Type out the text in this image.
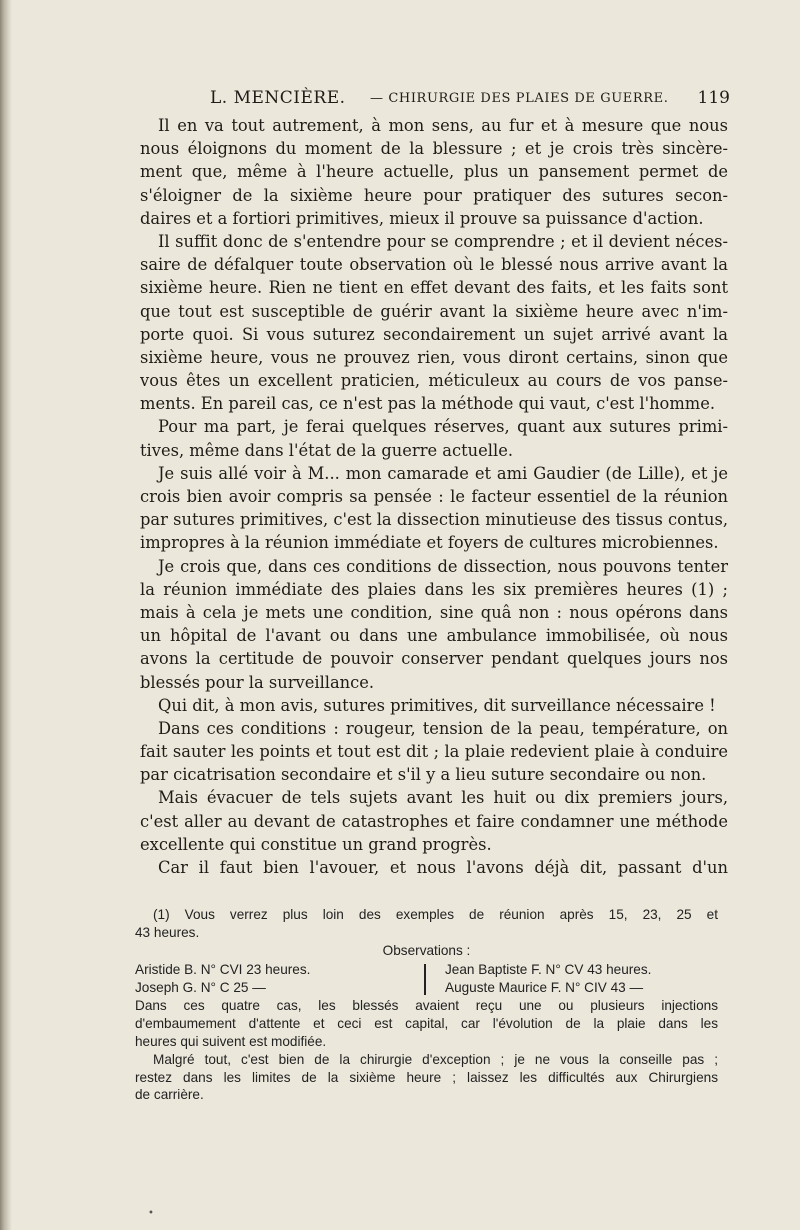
L. MENCIÈRE. — CHIRURGIE DES PLAIES DE GUERRE. 119
Il en va tout autrement, à mon sens, au fur et à mesure que nous
nous éloignons du moment de la blessure ; et je crois très sincère-
ment que, même à l'heure actuelle, plus un pansement permet de
s'éloigner de la sixième heure pour pratiquer des sutures secon-
daires et a fortiori primitives, mieux il prouve sa puissance d'action.
Il suffit donc de s'entendre pour se comprendre ; et il devient néces-
saire de défalquer toute observation où le blessé nous arrive avant la
sixième heure. Rien ne tient en effet devant des faits, et les faits sont
que tout est susceptible de guérir avant la sixième heure avec n'im-
porte quoi. Si vous suturez secondairement un sujet arrivé avant la
sixième heure, vous ne prouvez rien, vous diront certains, sinon que
vous êtes un excellent praticien, méticuleux au cours de vos panse-
ments. En pareil cas, ce n'est pas la méthode qui vaut, c'est l'homme.
Pour ma part, je ferai quelques réserves, quant aux sutures primi-
tives, même dans l'état de la guerre actuelle.
Je suis allé voir à M... mon camarade et ami Gaudier (de Lille), et je
crois bien avoir compris sa pensée : le facteur essentiel de la réunion
par sutures primitives, c'est la dissection minutieuse des tissus contus,
impropres à la réunion immédiate et foyers de cultures microbiennes.
Je crois que, dans ces conditions de dissection, nous pouvons tenter
la réunion immédiate des plaies dans les six premières heures (1) ;
mais à cela je mets une condition, sine quâ non : nous opérons dans
un hôpital de l'avant ou dans une ambulance immobilisée, où nous
avons la certitude de pouvoir conserver pendant quelques jours nos
blessés pour la surveillance.
Qui dit, à mon avis, sutures primitives, dit surveillance nécessaire !
Dans ces conditions : rougeur, tension de la peau, température, on
fait sauter les points et tout est dit ; la plaie redevient plaie à conduire
par cicatrisation secondaire et s'il y a lieu suture secondaire ou non.
Mais évacuer de tels sujets avant les huit ou dix premiers jours,
c'est aller au devant de catastrophes et faire condamner une méthode
excellente qui constitue un grand progrès.
Car il faut bien l'avouer, et nous l'avons déjà dit, passant d'un
(1) Vous verrez plus loin des exemples de réunion après 15, 23, 25 et
43 heures.
Observations :
Aristide B. N° CVI 23 heures.
Joseph G. N° C 25 —
Jean Baptiste F. N° CV 43 heures.
Auguste Maurice F. N° CIV 43 —
Dans ces quatre cas, les blessés avaient reçu une ou plusieurs injections
d'embaumement d'attente et ceci est capital, car l'évolution de la plaie dans les
heures qui suivent est modifiée.
Malgré tout, c'est bien de la chirurgie d'exception ; je ne vous la conseille pas ;
restez dans les limites de la sixième heure ; laissez les difficultés aux Chirurgiens
de carrière.
•
